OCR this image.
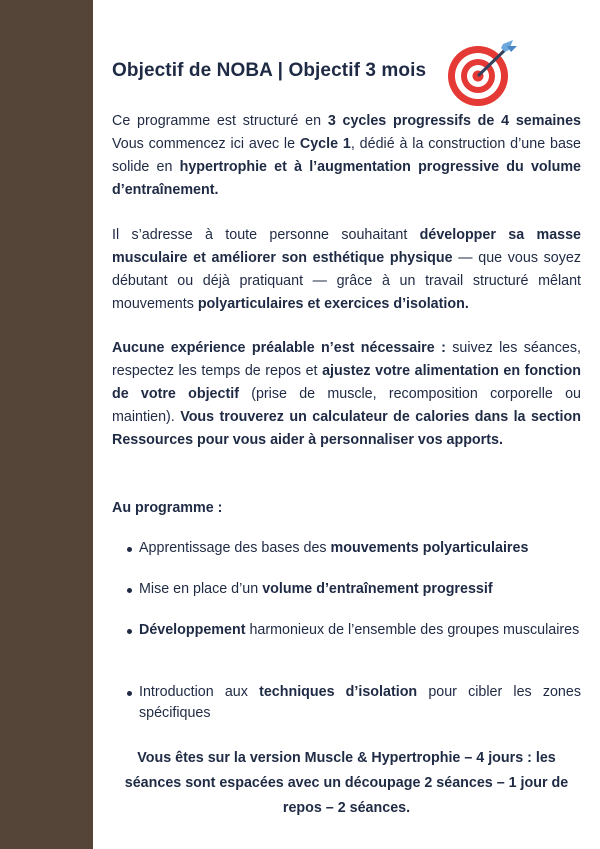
Objectif de NOBA | Objectif 3 mois

Ce programme est structuré en 3 cycles progressifs de 4 semaines Vous commencez ici avec le Cycle 1, dédié à la construction d’une base solide en hypertrophie et à l’augmentation progressive du volume d’entraînement.

Il s’adresse à toute personne souhaitant développer sa masse musculaire et améliorer son esthétique physique — que vous soyez débutant ou déjà pratiquant — grâce à un travail structuré mêlant mouvements polyarticulaires et exercices d’isolation.

Aucune expérience préalable n’est nécessaire : suivez les séances, respectez les temps de repos et ajustez votre alimentation en fonction de votre objectif (prise de muscle, recomposition corporelle ou maintien). Vous trouverez un calculateur de calories dans la section Ressources pour vous aider à personnaliser vos apports.

Au programme :

Apprentissage des bases des mouvements polyarticulaires
Mise en place d’un volume d’entraînement progressif
Développement harmonieux de l’ensemble des groupes musculaires
Introduction aux techniques d’isolation pour cibler les zones spécifiques

Vous êtes sur la version Muscle & Hypertrophie – 4 jours : les séances sont espacées avec un découpage 2 séances – 1 jour de repos – 2 séances.
